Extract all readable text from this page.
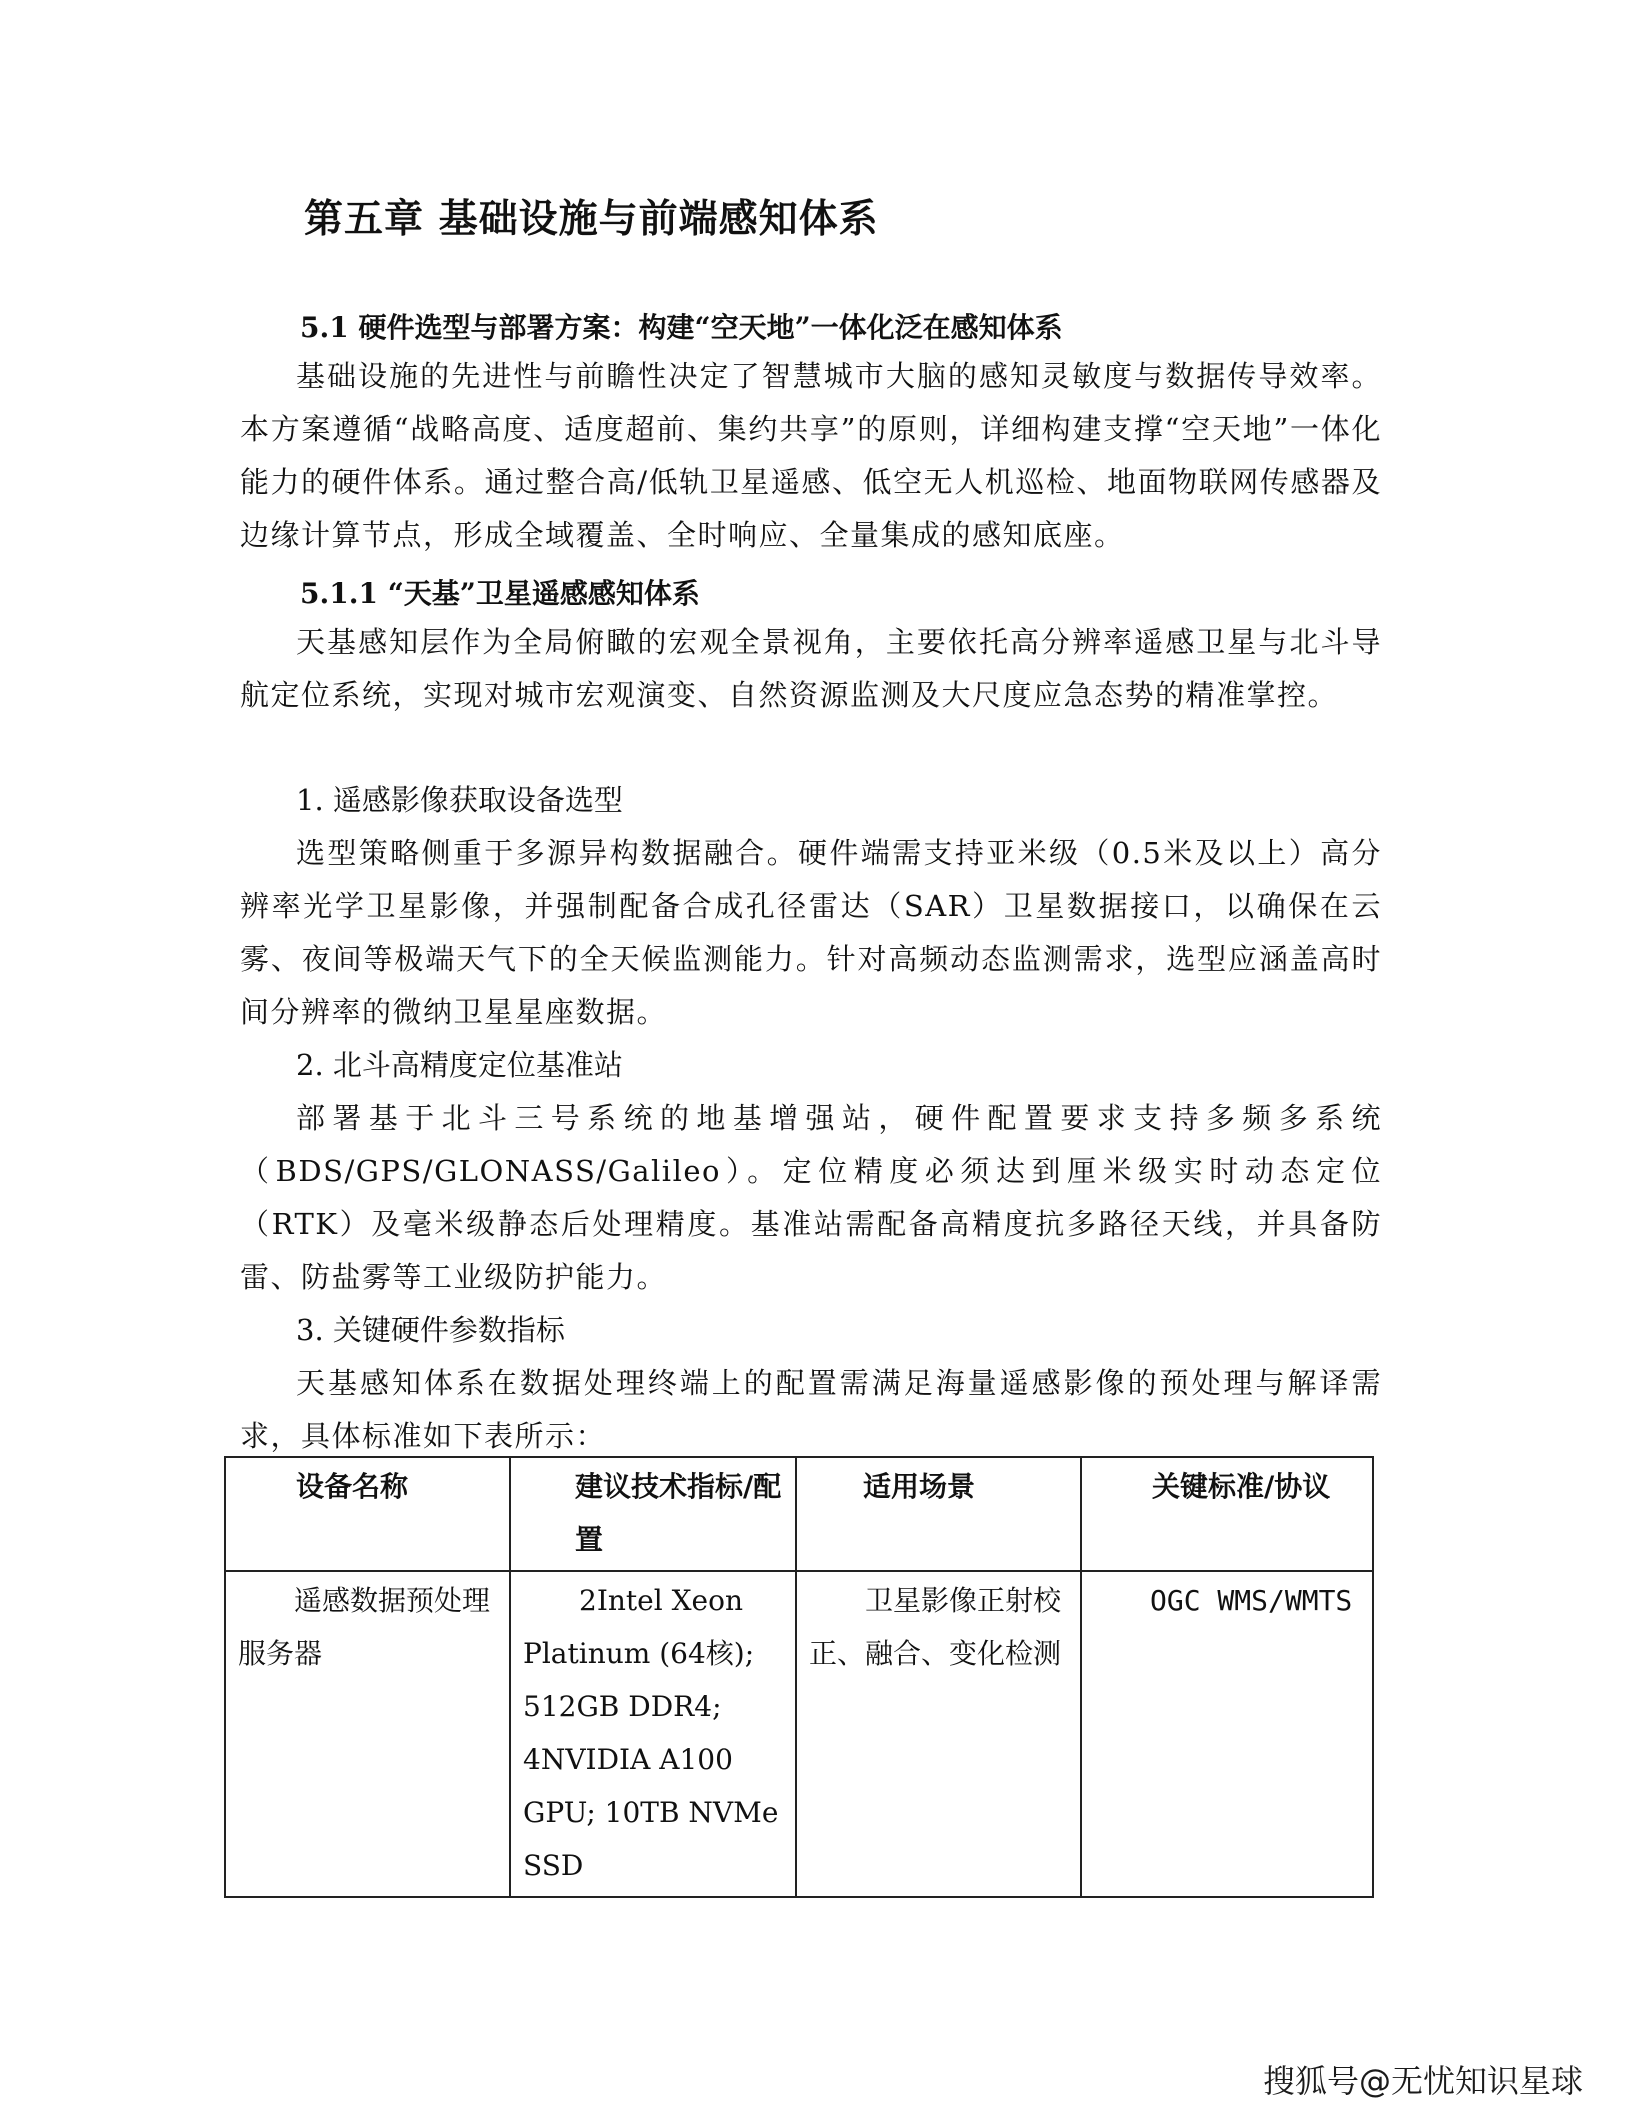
第五章 基础设施与前端感知体系
5.1 硬件选型与部署方案：构建“空天地”一体化泛在感知体系

基础设施的先进性与前瞻性决定了智慧城市大脑的感知灵敏度与数据传导效率。本方案遵循“战略高度、适度超前、集约共享”的原则，详细构建支撑“空天地”一体化能力的硬件体系。通过整合高/低轨卫星遥感、低空无人机巡检、地面物联网传感器及边缘计算节点，形成全域覆盖、全时响应、全量集成的感知底座。

5.1.1 “天基”卫星遥感感知体系

天基感知层作为全局俯瞰的宏观全景视角，主要依托高分辨率遥感卫星与北斗导航定位系统，实现对城市宏观演变、自然资源监测及大尺度应急态势的精准掌控。

1. 遥感影像获取设备选型

选型策略侧重于多源异构数据融合。硬件端需支持亚米级（0.5米及以上）高分辨率光学卫星影像，并强制配备合成孔径雷达（SAR）卫星数据接口，以确保在云雾、夜间等极端天气下的全天候监测能力。针对高频动态监测需求，选型应涵盖高时间分辨率的微纳卫星星座数据。

2. 北斗高精度定位基准站

部署基于北斗三号系统的地基增强站，硬件配置要求支持多频多系统（BDS/GPS/GLONASS/Galileo）。定位精度必须达到厘米级实时动态定位（RTK）及毫米级静态后处理精度。基准站需配备高精度抗多路径天线，并具备防雷、防盐雾等工业级防护能力。

3. 关键硬件参数指标

天基感知体系在数据处理终端上的配置需满足海量遥感影像的预处理与解译需求，具体标准如下表所示：

设备名称	建议技术指标/配置	适用场景	关键标准/协议
遥感数据预处理服务器	2Intel Xeon Platinum (64核); 512GB DDR4; 4NVIDIA A100 GPU; 10TB NVMe SSD	卫星影像正射校正、融合、变化检测	OGC WMS/WMTS

搜狐号@无忧知识星球
